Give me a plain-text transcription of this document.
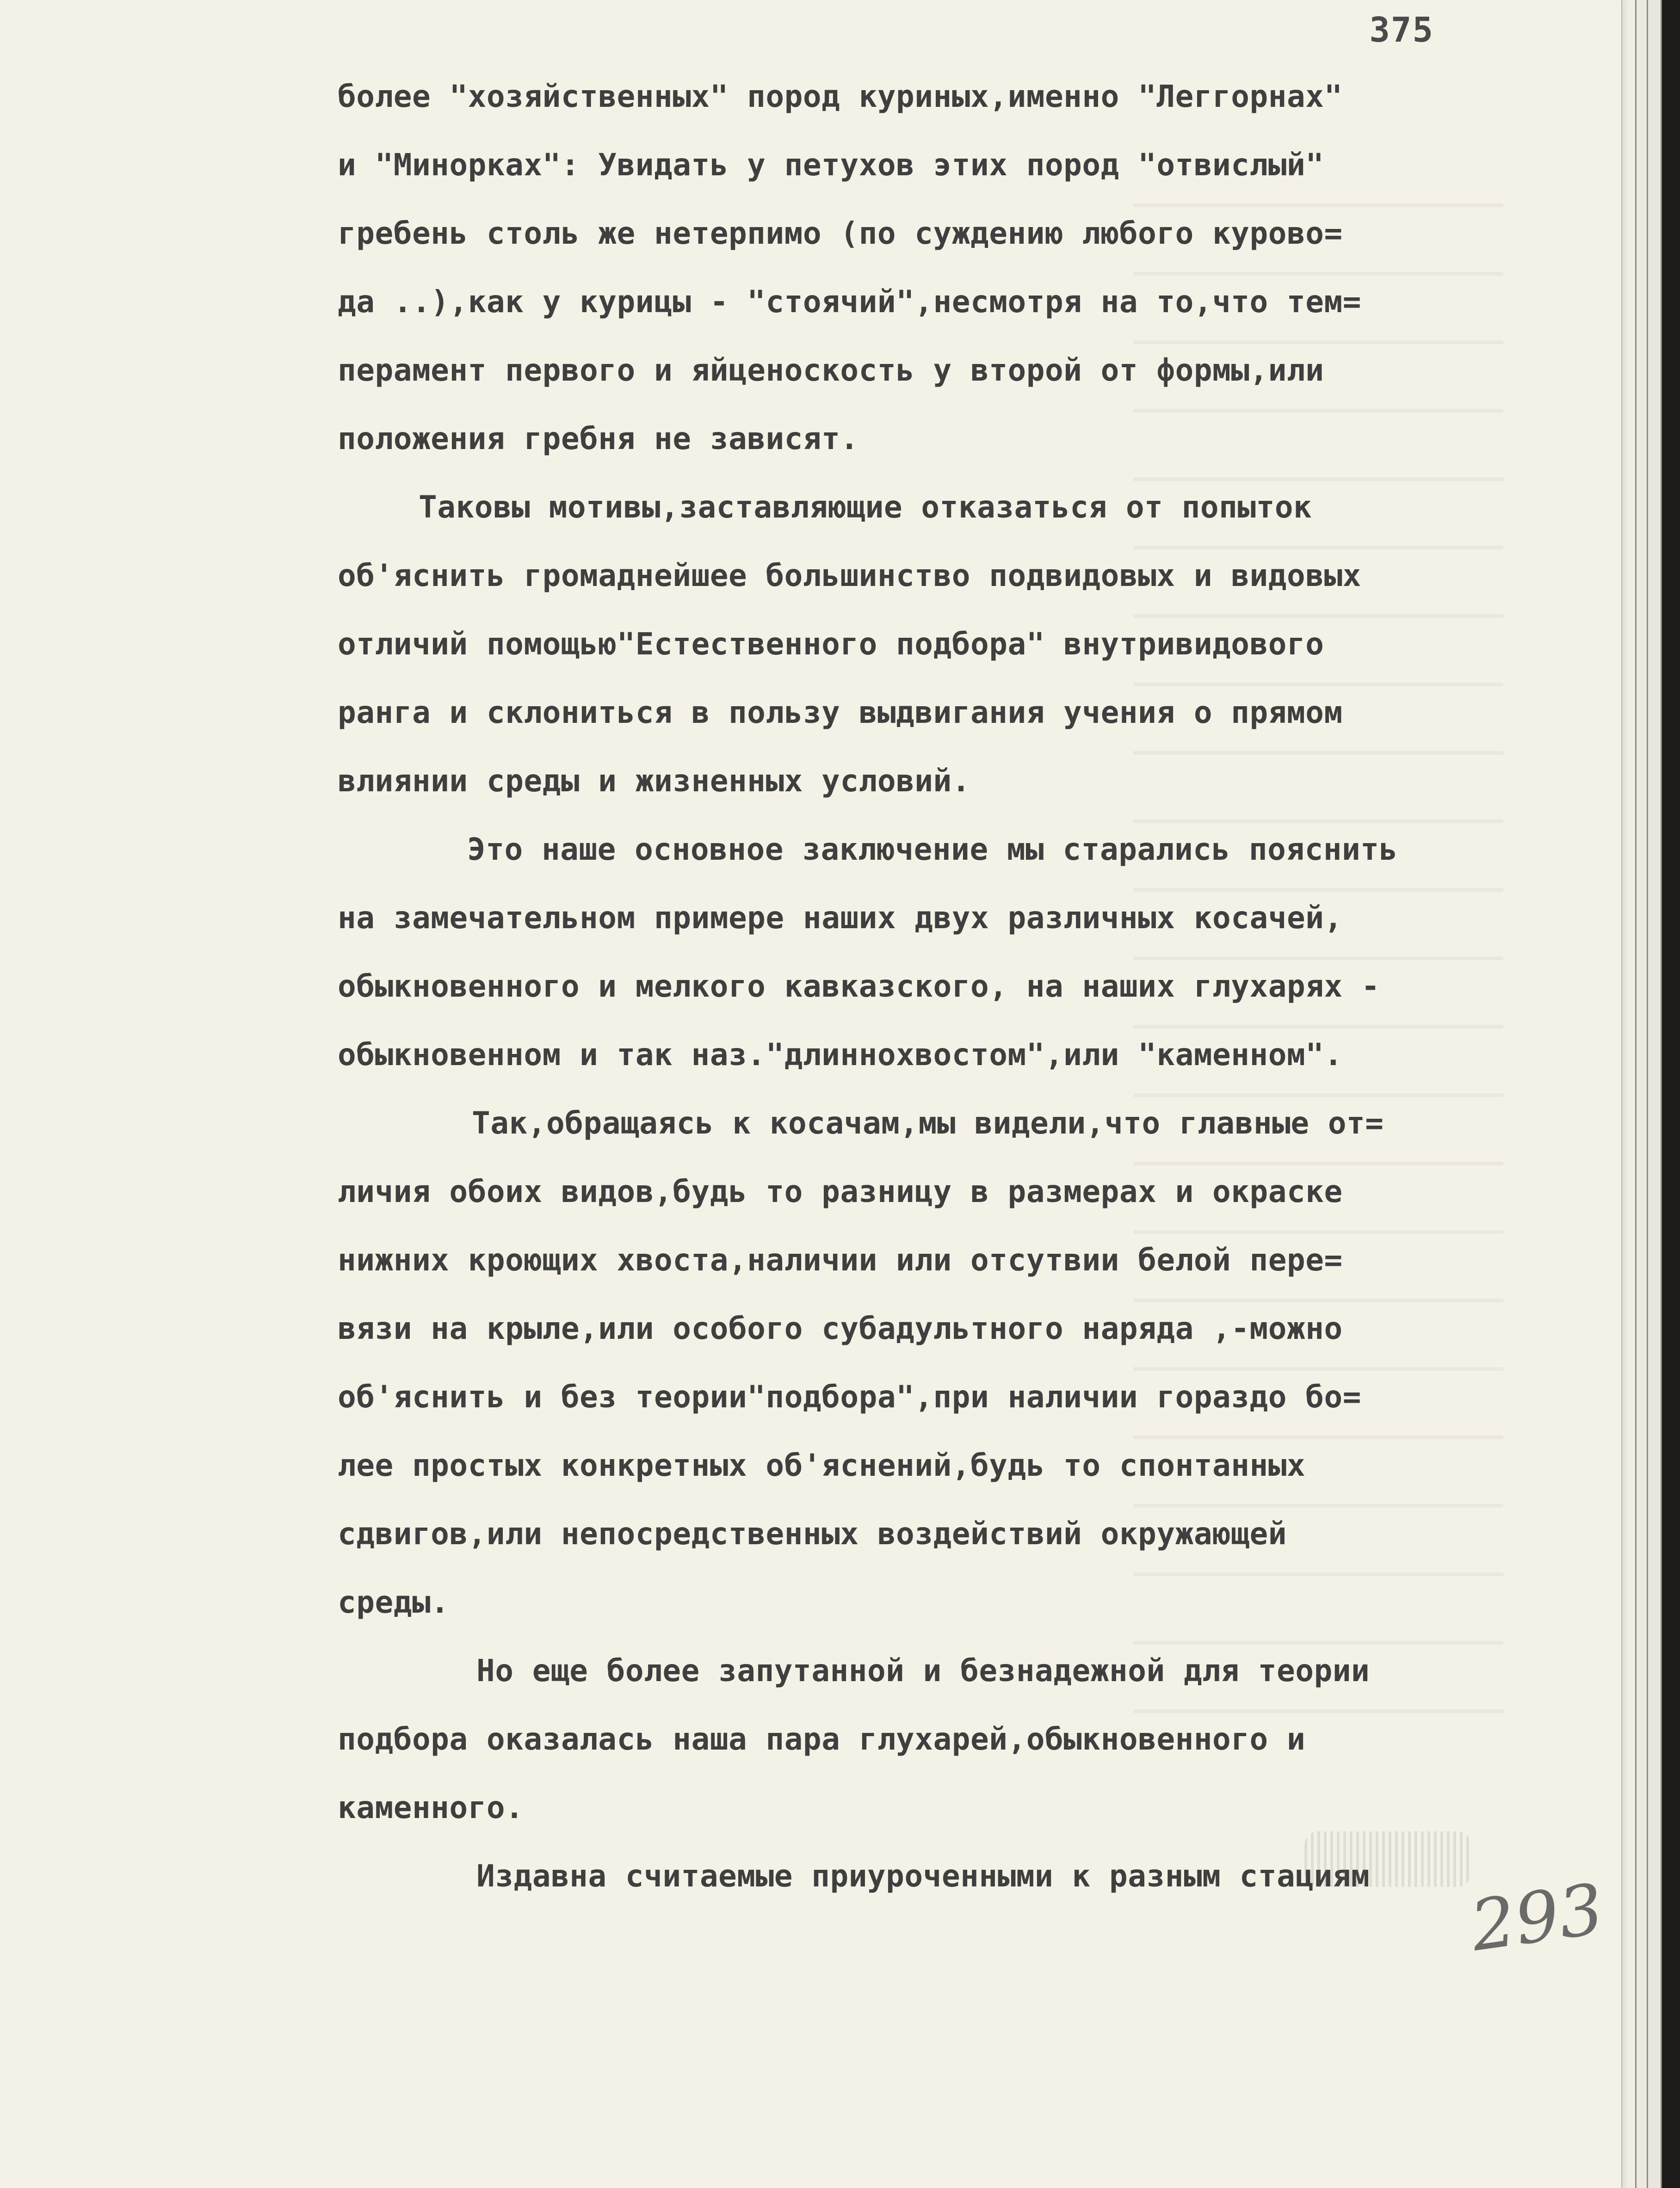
375
более "хозяйственных" пород куриных,именно "Леггорнах"
и "Минорках": Увидать у петухов этих пород "отвислый"
гребень столь же нетерпимо (по суждению любого курово=
да ..),как у курицы - "стоячий",несмотря на то,что тем=
перамент первого и яйценоскость у второй от формы,или
положения гребня не зависят.
Таковы мотивы,заставляющие отказаться от попыток
об'яснить громаднейшее большинство подвидовых и видовых
отличий помощью"Естественного подбора" внутривидового
ранга и склониться в пользу выдвигания учения о прямом
влиянии среды и жизненных условий.
Это наше основное заключение мы старались пояснить
на замечательном примере наших двух различных косачей,
обыкновенного и мелкого кавказского, на наших глухарях -
обыкновенном и так наз."длиннохвостом",или "каменном".
Так,обращаясь к косачам,мы видели,что главные от=
личия обоих видов,будь то разницу в размерах и окраске
нижних кроющих хвоста,наличии или отсутвии белой пере=
вязи на крыле,или особого субадультного наряда ,-можно
об'яснить и без теории"подбора",при наличии гораздо бо=
лее простых конкретных об'яснений,будь то спонтанных
сдвигов,или непосредственных воздействий окружающей
среды.
Но еще более запутанной и безнадежной для теории
подбора оказалась наша пара глухарей,обыкновенного и
каменного.
Издавна считаемые приуроченными к разным стациям	293
